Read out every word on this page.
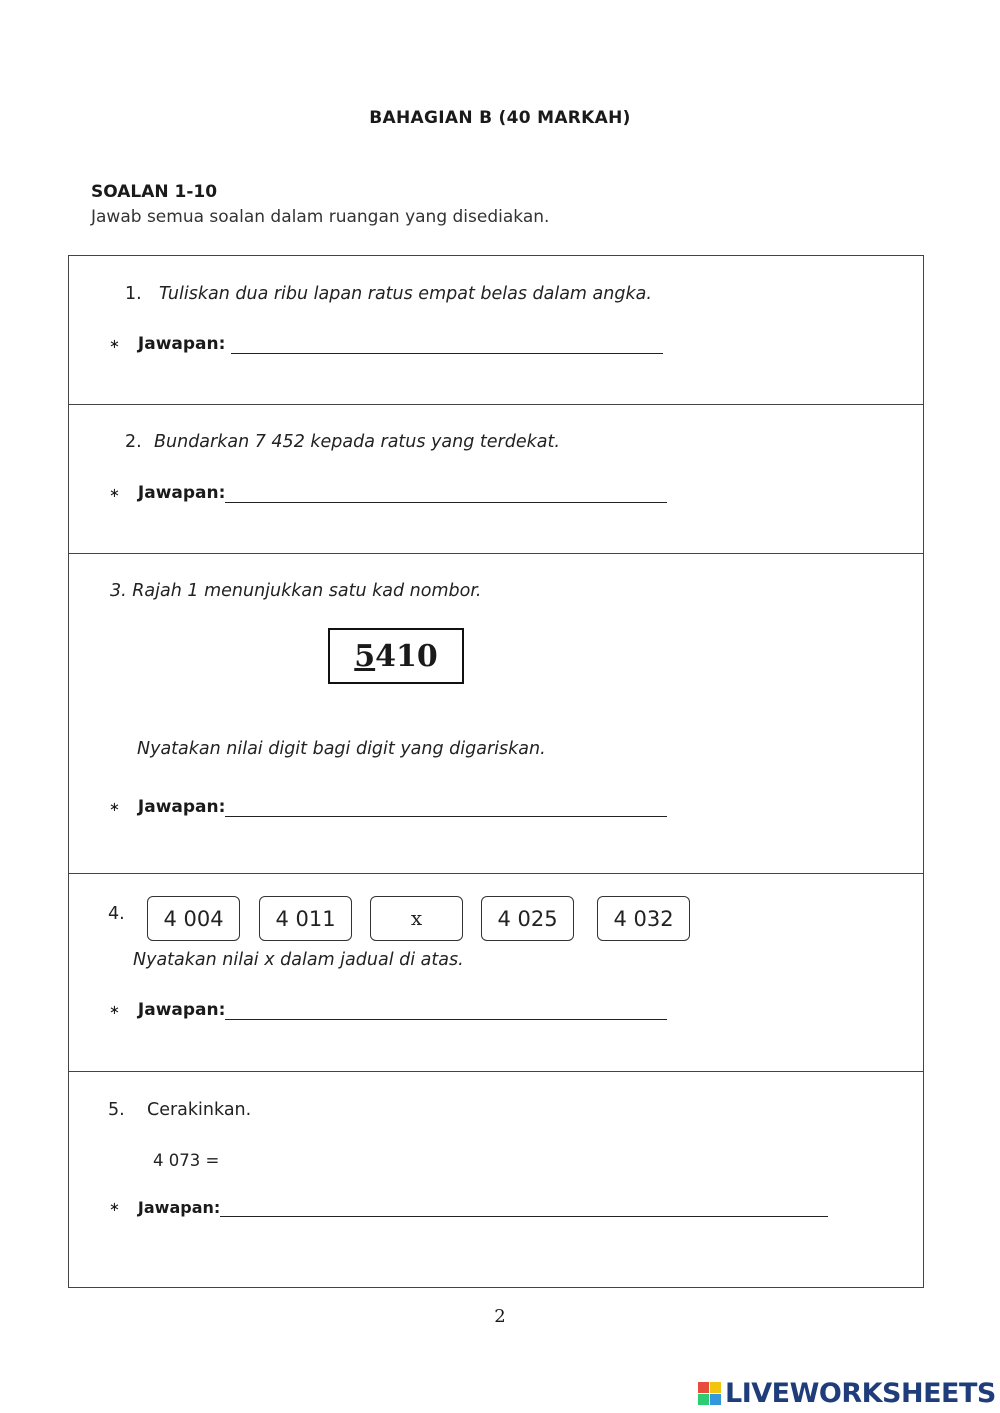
BAHAGIAN B (40 MARKAH)
SOALAN 1-10
Jawab semua soalan dalam ruangan yang disediakan.
1. Tuliskan dua ribu lapan ratus empat belas dalam angka.
∗ Jawapan:
2. Bundarkan 7 452 kepada ratus yang terdekat.
∗ Jawapan:
3. Rajah 1 menunjukkan satu kad nombor.
Nyatakan nilai digit bagi digit yang digariskan.
∗ Jawapan:
5410
4.
Nyatakan nilai x dalam jadual di atas.
∗ Jawapan:
4 004	4 011	x	4 025	4 032
5. Cerakinkan.
4 073 =
∗ Jawapan:
2
LIVEWORKSHEETS
